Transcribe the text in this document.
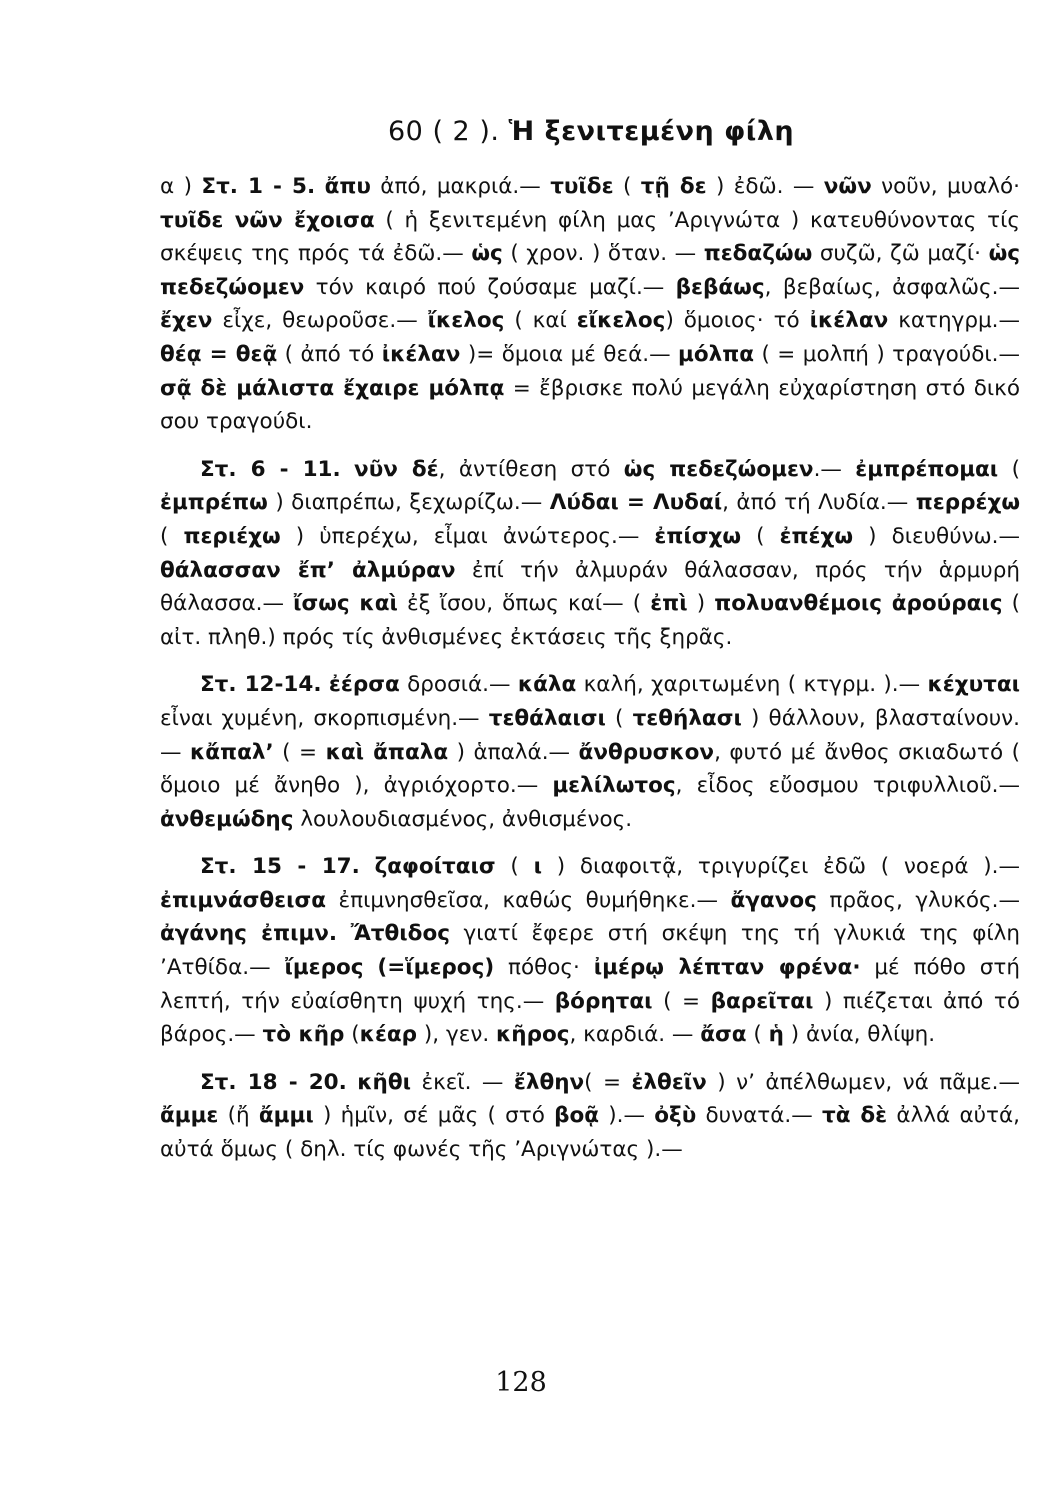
60 ( 2 ). Ἡ ξενιτεμένη φίλη

α ) Στ. 1 - 5. ἄπυ ἀπό, μακριά.— τυῖδε ( τῇ δε ) ἐδῶ. — νῶν νοῦν, μυαλό· τυῖδε νῶν ἔχοισα ( ἡ ξενιτεμένη φίλη μας ’Αριγνώτα ) κατευθύνοντας τίς σκέψεις της πρός τά ἐδῶ.— ὡς ( χρον. ) ὅταν. — πεδαζώω συζῶ, ζῶ μαζί· ὡς πεδεζώομεν τόν καιρό πού ζούσαμε μαζί.— βεβάως, βεβαίως, ἀσφαλῶς.— ἔχεν εἶχε, θεωροῦσε.— ἴκελος ( καί εἴκελος) ὅμοιος· τό ἰκέλαν κατηγρμ.— θέᾳ = θεᾷ ( ἀπό τό ἰκέλαν )= ὅμοια μέ θεά.— μόλπα ( = μολπή ) τραγούδι.— σᾷ δὲ μάλιστα ἔχαιρε μόλπᾳ = ἔβρισκε πολύ μεγάλη εὐχαρίστηση στό δικό σου τραγούδι.

Στ. 6 - 11. νῦν δέ, ἀντίθεση στό ὡς πεδεζώομεν.— ἐμπρέπομαι ( ἐμπρέπω ) διαπρέπω, ξεχωρίζω.— Λύδαι = Λυδαί, ἀπό τή Λυδία.— περρέχω ( περιέχω ) ὑπερέχω, εἶμαι ἀνώτερος.— ἐπίσχω ( ἐπέχω ) διευθύνω.— θάλασσαν ἔπ’ ἀλμύραν ἐπί τήν ἀλμυράν θάλασσαν, πρός τήν ἁρμυρή θάλασσα.— ἴσως καὶ ἐξ ἴσου, ὅπως καί— ( ἐπὶ ) πολυανθέμοις ἀρούραις ( αἰτ. πληθ.) πρός τίς ἀνθισμένες ἐκτάσεις τῆς ξηρᾶς.

Στ. 12-14. ἐέρσα δροσιά.— κάλα καλή, χαριτωμένη ( κτγρμ. ).— κέχυται εἶναι χυμένη, σκορπισμένη.— τεθάλαισι ( τεθήλασι ) θάλλουν, βλασταίνουν.— κἄπαλ’ ( = καὶ ἄπαλα ) ἁπαλά.— ἄνθρυσκον, φυτό μέ ἄνθος σκιαδωτό ( ὅμοιο μέ ἄνηθο ), ἀγριόχορτο.— μελίλωτος, εἶδος εὔοσμου τριφυλλιοῦ.— ἀνθεμώδης λουλουδιασμένος, ἀνθισμένος.

Στ. 15 - 17. ζαφοίταισ ( ι ) διαφοιτᾷ, τριγυρίζει ἐδῶ ( νοερά ).— ἐπιμνάσθεισα ἐπιμνησθεῖσα, καθώς θυμήθηκε.— ἄγανος πρᾶος, γλυκός.— ἀγάνης ἐπιμν. Ἄτθιδος γιατί ἔφερε στή σκέψη της τή γλυκιά της φίλη ’Ατθίδα.— ἴμερος (=ἵμερος) πόθος· ἰμέρῳ λέπταν φρένα· μέ πόθο στή λεπτή, τήν εὐαίσθητη ψυχή της.— βόρηται ( = βαρεῖται ) πιέζεται ἀπό τό βάρος.— τὸ κῆρ (κέαρ ), γεν. κῆρος, καρδιά. — ἄσα ( ἡ ) ἀνία, θλίψη.

Στ. 18 - 20. κῆθι ἐκεῖ. — ἔλθην( = ἐλθεῖν ) ν’ ἀπέλθωμεν, νά πᾶμε.— ἄμμε (ἤ ἄμμι ) ἡμῖν, σέ μᾶς ( στό βοᾷ ).— ὀξὺ δυνατά.— τὰ δὲ ἀλλά αὐτά, αὐτά ὅμως ( δηλ. τίς φωνές τῆς ’Αριγνώτας ).—

128
